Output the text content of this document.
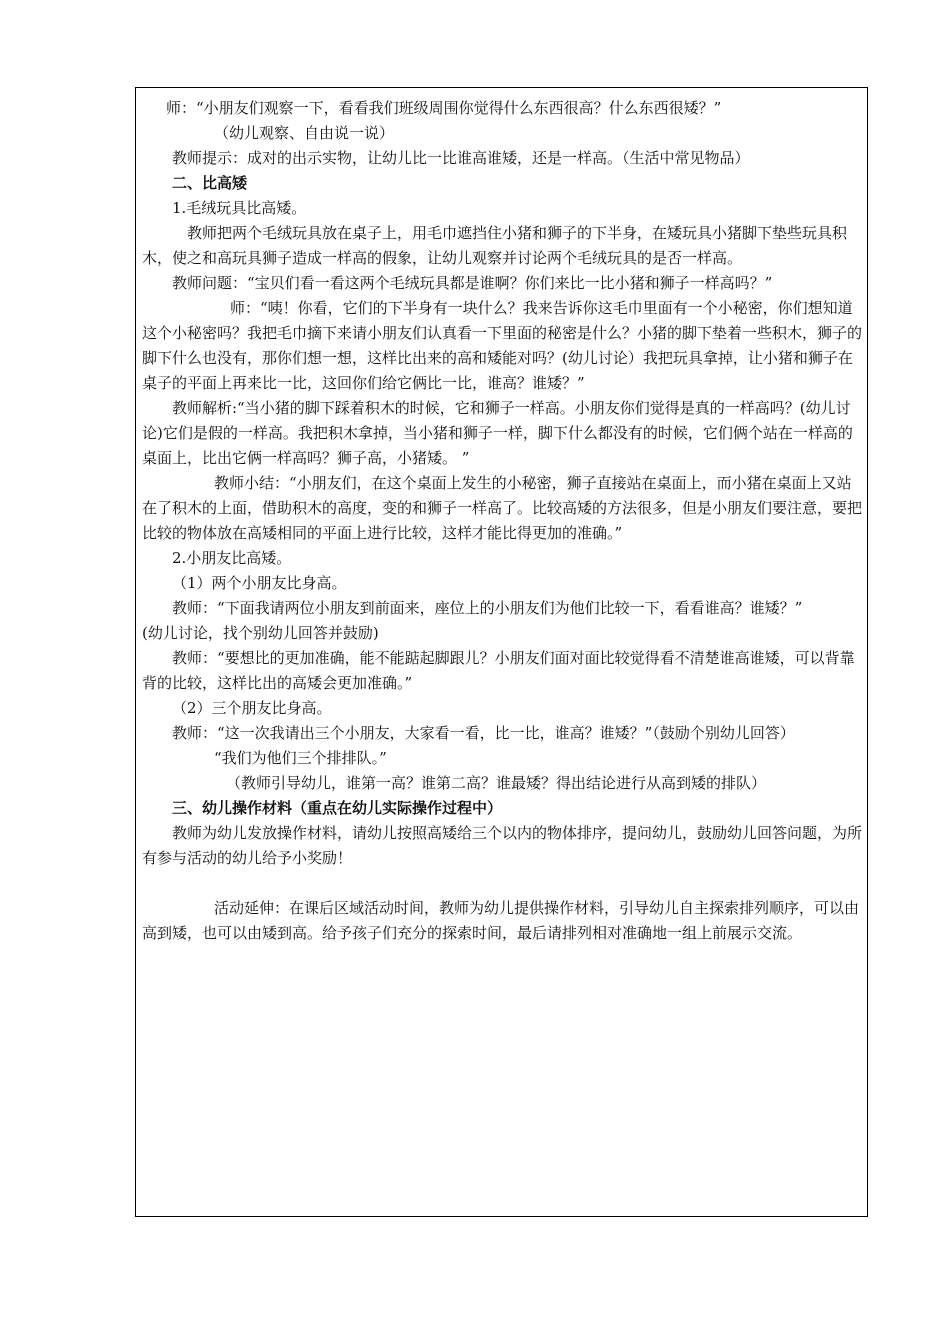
师：“小朋友们观察一下，看看我们班级周围你觉得什么东西很高？什么东西很矮？”

（幼儿观察、自由说一说）

教师提示：成对的出示实物，让幼儿比一比谁高谁矮，还是一样高。（生活中常见物品）

二、比高矮

1.毛绒玩具比高矮。

教师把两个毛绒玩具放在桌子上，用毛巾遮挡住小猪和狮子的下半身，在矮玩具小猪脚下垫些玩具积木，使之和高玩具狮子造成一样高的假象，让幼儿观察并讨论两个毛绒玩具的是否一样高。

教师问题：“宝贝们看一看这两个毛绒玩具都是谁啊？你们来比一比小猪和狮子一样高吗？”

师：“咦！你看，它们的下半身有一块什么？我来告诉你这毛巾里面有一个小秘密，你们想知道这个小秘密吗？我把毛巾摘下来请小朋友们认真看一下里面的秘密是什么？小猪的脚下垫着一些积木，狮子的脚下什么也没有，那你们想一想，这样比出来的高和矮能对吗？(幼儿讨论）我把玩具拿掉，让小猪和狮子在桌子的平面上再来比一比，这回你们给它俩比一比，谁高？谁矮？”

教师解析:“当小猪的脚下踩着积木的时候，它和狮子一样高。小朋友你们觉得是真的一样高吗？(幼儿讨论)它们是假的一样高。我把积木拿掉，当小猪和狮子一样，脚下什么都没有的时候，它们俩个站在一样高的桌面上，比出它俩一样高吗？狮子高，小猪矮。 ”

教师小结：“小朋友们，在这个桌面上发生的小秘密，狮子直接站在桌面上，而小猪在桌面上又站在了积木的上面，借助积木的高度，变的和狮子一样高了。比较高矮的方法很多，但是小朋友们要注意，要把比较的物体放在高矮相同的平面上进行比较，这样才能比得更加的准确。”

2.小朋友比高矮。

（1）两个小朋友比身高。

教师：“下面我请两位小朋友到前面来，座位上的小朋友们为他们比较一下，看看谁高？谁矮？”

(幼儿讨论，找个别幼儿回答并鼓励)

教师：“要想比的更加准确，能不能踮起脚跟儿？小朋友们面对面比较觉得看不清楚谁高谁矮，可以背靠背的比较，这样比出的高矮会更加准确。”

（2）三个朋友比身高。

教师：“这一次我请出三个小朋友，大家看一看，比一比，谁高？谁矮？”（鼓励个别幼儿回答）

“我们为他们三个排排队。”

（教师引导幼儿，谁第一高？谁第二高？谁最矮？得出结论进行从高到矮的排队）

三、幼儿操作材料（重点在幼儿实际操作过程中）

教师为幼儿发放操作材料，请幼儿按照高矮给三个以内的物体排序，提问幼儿，鼓励幼儿回答问题，为所有参与活动的幼儿给予小奖励！

活动延伸：在课后区域活动时间，教师为幼儿提供操作材料，引导幼儿自主探索排列顺序，可以由高到矮，也可以由矮到高。给予孩子们充分的探索时间，最后请排列相对准确地一组上前展示交流。
